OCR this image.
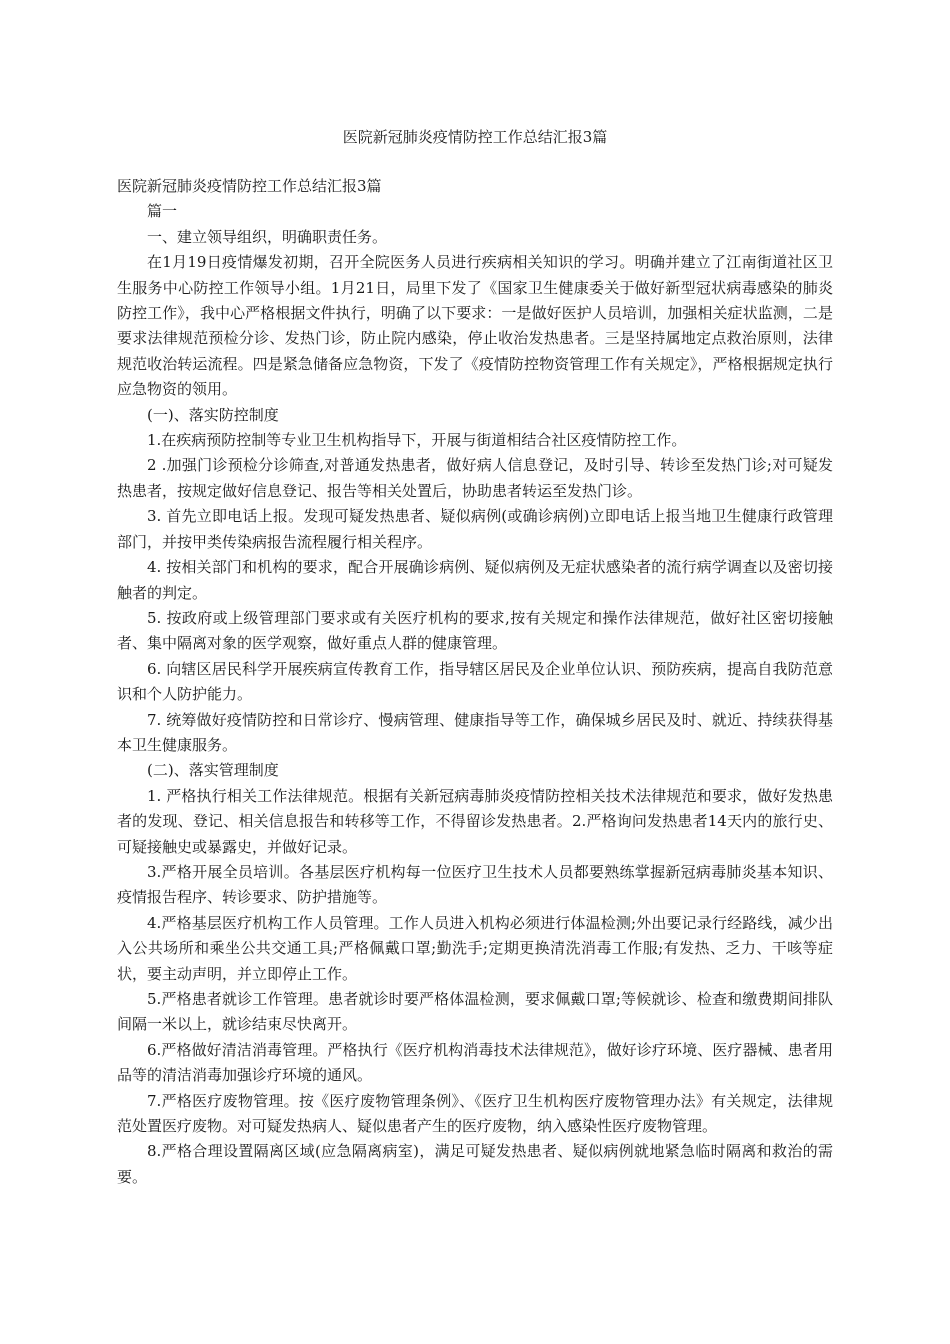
医院新冠肺炎疫情防控工作总结汇报3篇

医院新冠肺炎疫情防控工作总结汇报3篇

篇一

一、建立领导组织，明确职责任务。

在1月19日疫情爆发初期，召开全院医务人员进行疾病相关知识的学习。明确并建立了江南街道社区卫生服务中心防控工作领导小组。1月21日，局里下发了《国家卫生健康委关于做好新型冠状病毒感染的肺炎防控工作》，我中心严格根据文件执行，明确了以下要求：一是做好医护人员培训，加强相关症状监测，二是要求法律规范预检分诊、发热门诊，防止院内感染，停止收治发热患者。三是坚持属地定点救治原则，法律规范收治转运流程。四是紧急储备应急物资，下发了《疫情防控物资管理工作有关规定》，严格根据规定执行应急物资的领用。

(一)、落实防控制度

1.在疾病预防控制等专业卫生机构指导下，开展与街道相结合社区疫情防控工作。

2 .加强门诊预检分诊筛查,对普通发热患者，做好病人信息登记，及时引导、转诊至发热门诊;对可疑发热患者，按规定做好信息登记、报告等相关处置后，协助患者转运至发热门诊。

3. 首先立即电话上报。发现可疑发热患者、疑似病例(或确诊病例)立即电话上报当地卫生健康行政管理部门，并按甲类传染病报告流程履行相关程序。

4. 按相关部门和机构的要求，配合开展确诊病例、疑似病例及无症状感染者的流行病学调查以及密切接触者的判定。

5. 按政府或上级管理部门要求或有关医疗机构的要求,按有关规定和操作法律规范，做好社区密切接触者、集中隔离对象的医学观察，做好重点人群的健康管理。

6. 向辖区居民科学开展疾病宣传教育工作，指导辖区居民及企业单位认识、预防疾病，提高自我防范意识和个人防护能力。

7. 统筹做好疫情防控和日常诊疗、慢病管理、健康指导等工作，确保城乡居民及时、就近、持续获得基本卫生健康服务。

(二)、落实管理制度

1. 严格执行相关工作法律规范。根据有关新冠病毒肺炎疫情防控相关技术法律规范和要求，做好发热患者的发现、登记、相关信息报告和转移等工作，不得留诊发热患者。2.严格询问发热患者14天内的旅行史、可疑接触史或暴露史，并做好记录。

3.严格开展全员培训。各基层医疗机构每一位医疗卫生技术人员都要熟练掌握新冠病毒肺炎基本知识、疫情报告程序、转诊要求、防护措施等。

4.严格基层医疗机构工作人员管理。工作人员进入机构必须进行体温检测;外出要记录行经路线，减少出入公共场所和乘坐公共交通工具;严格佩戴口罩;勤洗手;定期更换清洗消毒工作服;有发热、乏力、干咳等症状，要主动声明，并立即停止工作。

5.严格患者就诊工作管理。患者就诊时要严格体温检测，要求佩戴口罩;等候就诊、检查和缴费期间排队间隔一米以上，就诊结束尽快离开。

6.严格做好清洁消毒管理。严格执行《医疗机构消毒技术法律规范》，做好诊疗环境、医疗器械、患者用品等的清洁消毒加强诊疗环境的通风。

7.严格医疗废物管理。按《医疗废物管理条例》、《医疗卫生机构医疗废物管理办法》有关规定，法律规范处置医疗废物。对可疑发热病人、疑似患者产生的医疗废物，纳入感染性医疗废物管理。

8.严格合理设置隔离区域(应急隔离病室)，满足可疑发热患者、疑似病例就地紧急临时隔离和救治的需要。
